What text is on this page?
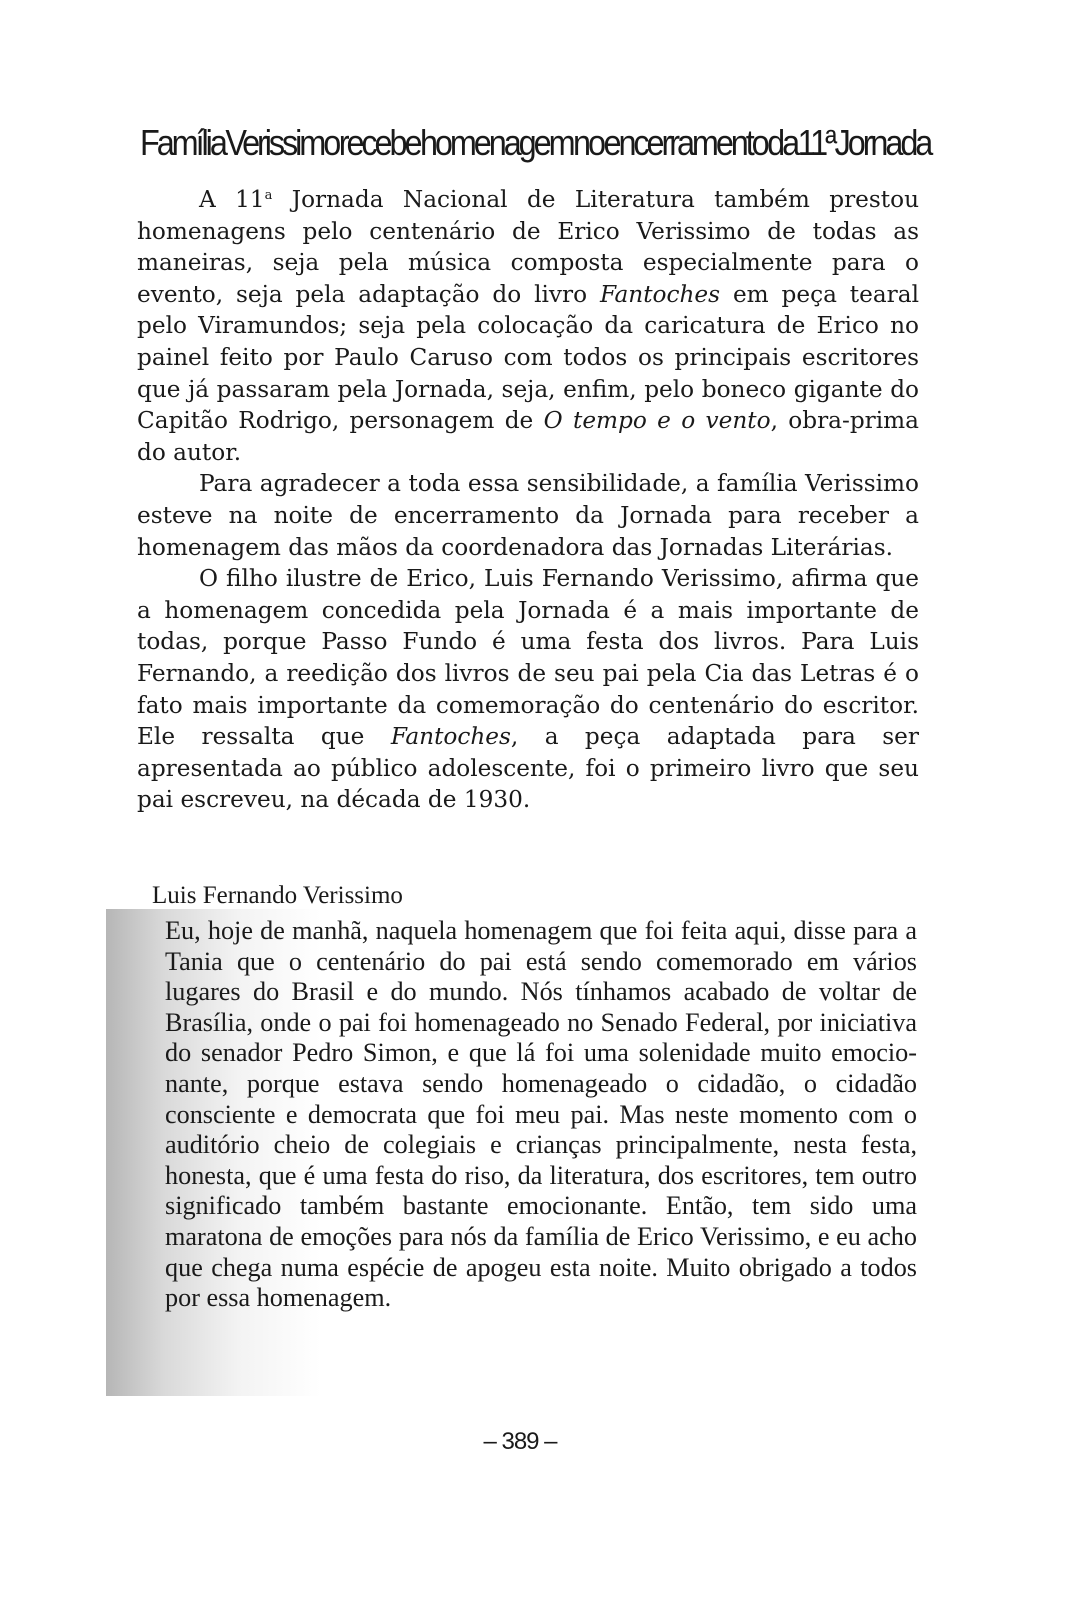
Família Verissimo recebe homenagem no encerramento da 11ª Jornada

A 11$^a$ Jornada Nacional de Literatura também prestou homenagens pelo centenário de Erico Verissimo de todas as maneiras, seja pela música composta especialmente para o evento, seja pela adaptação do livro Fantoches em peça tearal pelo Viramundos; seja pela colocação da caricatura de Erico no painel feito por Paulo Caruso com todos os principais escritores que já passaram pela Jornada, seja, enfim, pelo boneco gigante do Capitão Rodrigo, personagem de O tempo e o vento, obra-prima do autor.

Para agradecer a toda essa sensibilidade, a família Verissimo esteve na noite de encerramento da Jornada para receber a homenagem das mãos da coordenadora das Jornadas Literárias.

O filho ilustre de Erico, Luis Fernando Verissimo, afirma que a homenagem concedida pela Jornada é a mais importante de todas, porque Passo Fundo é uma festa dos livros. Para Luis Fernando, a reedição dos livros de seu pai pela Cia das Letras é o fato mais importante da comemoração do centenário do escritor. Ele ressalta que Fantoches, a peça adaptada para ser apresentada ao público adolescente, foi o primeiro livro que seu pai escreveu, na década de 1930.

Luis Fernando Verissimo

Eu, hoje de manhã, naquela homenagem que foi feita aqui, disse para a Tania que o centenário do pai está sendo comemorado em vários lugares do Brasil e do mundo. Nós tínhamos acabado de voltar de Brasília, onde o pai foi homenageado no Senado Federal, por iniciativa do senador Pedro Simon, e que lá foi uma solenidade muito emocionante, porque estava sendo homenageado o cidadão, o cidadão consciente e democrata que foi meu pai. Mas neste momento com o auditório cheio de colegiais e crianças principalmente, nesta festa, honesta, que é uma festa do riso, da literatura, dos escritores, tem outro significado também bastante emocionante. Então, tem sido uma maratona de emoções para nós da família de Erico Verissimo, e eu acho que chega numa espécie de apogeu esta noite. Muito obrigado a todos por essa homenagem.

– 389 –
